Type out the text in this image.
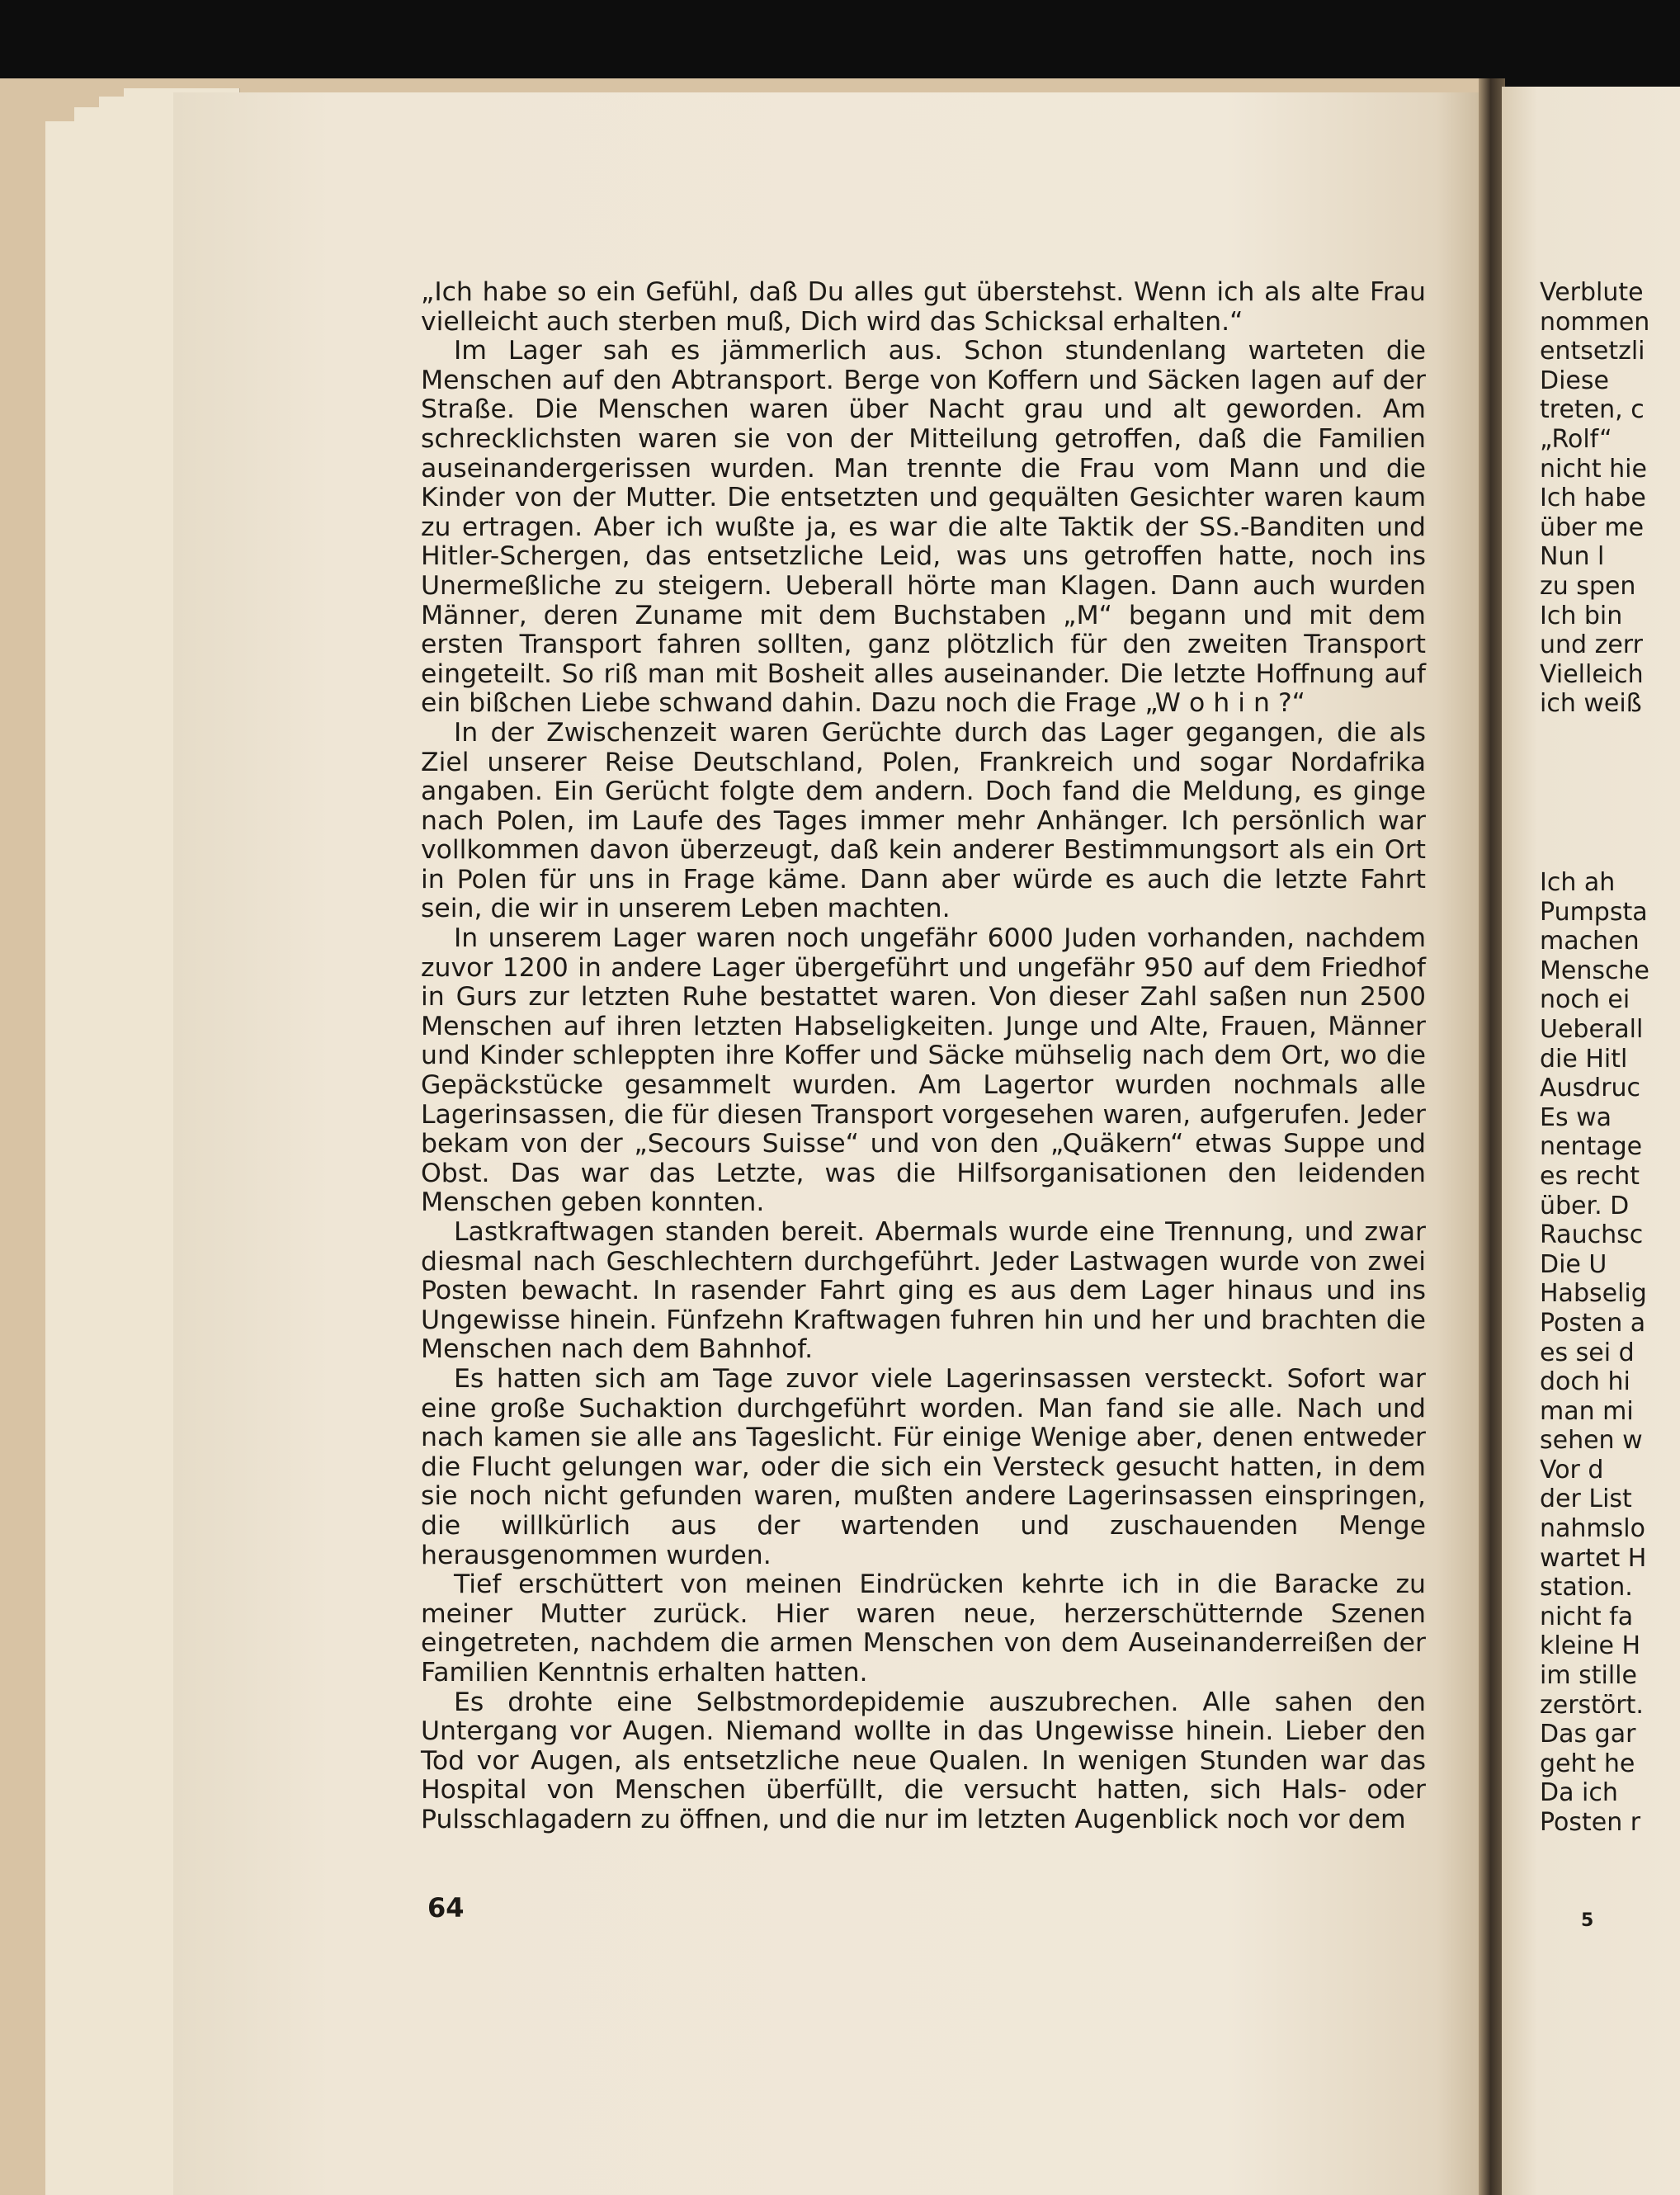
„Ich habe so ein Gefühl, daß Du alles gut überstehst. Wenn ich als alte Frau vielleicht auch sterben muß, Dich wird das Schicksal erhalten.“

Im Lager sah es jämmerlich aus. Schon stundenlang warteten die Menschen auf den Abtransport. Berge von Koffern und Säcken lagen auf der Straße. Die Menschen waren über Nacht grau und alt geworden. Am schrecklichsten waren sie von der Mitteilung getroffen, daß die Familien auseinandergerissen wurden. Man trennte die Frau vom Mann und die Kinder von der Mutter. Die entsetzten und gequälten Gesichter waren kaum zu ertragen. Aber ich wußte ja, es war die alte Taktik der SS.-Banditen und Hitler-Schergen, das entsetzliche Leid, was uns getroffen hatte, noch ins Unermeßliche zu steigern. Ueberall hörte man Klagen. Dann auch wurden Männer, deren Zuname mit dem Buchstaben „M“ begann und mit dem ersten Transport fahren sollten, ganz plötzlich für den zweiten Transport eingeteilt. So riß man mit Bosheit alles auseinander. Die letzte Hoffnung auf ein bißchen Liebe schwand dahin. Dazu noch die Frage „W o h i n ?“

In der Zwischenzeit waren Gerüchte durch das Lager gegangen, die als Ziel unserer Reise Deutschland, Polen, Frankreich und sogar Nordafrika angaben. Ein Gerücht folgte dem andern. Doch fand die Meldung, es ginge nach Polen, im Laufe des Tages immer mehr Anhänger. Ich persönlich war vollkommen davon überzeugt, daß kein anderer Bestimmungsort als ein Ort in Polen für uns in Frage käme. Dann aber würde es auch die letzte Fahrt sein, die wir in unserem Leben machten.

In unserem Lager waren noch ungefähr 6000 Juden vorhanden, nachdem zuvor 1200 in andere Lager übergeführt und ungefähr 950 auf dem Friedhof in Gurs zur letzten Ruhe bestattet waren. Von dieser Zahl saßen nun 2500 Menschen auf ihren letzten Habseligkeiten. Junge und Alte, Frauen, Männer und Kinder schleppten ihre Koffer und Säcke mühselig nach dem Ort, wo die Gepäckstücke gesammelt wurden. Am Lagertor wurden nochmals alle Lagerinsassen, die für diesen Transport vorgesehen waren, aufgerufen. Jeder bekam von der „Secours Suisse“ und von den „Quäkern“ etwas Suppe und Obst. Das war das Letzte, was die Hilfsorganisationen den leidenden Menschen geben konnten.

Lastkraftwagen standen bereit. Abermals wurde eine Trennung, und zwar diesmal nach Geschlechtern durchgeführt. Jeder Lastwagen wurde von zwei Posten bewacht. In rasender Fahrt ging es aus dem Lager hinaus und ins Ungewisse hinein. Fünfzehn Kraftwagen fuhren hin und her und brachten die Menschen nach dem Bahnhof.

Es hatten sich am Tage zuvor viele Lagerinsassen versteckt. Sofort war eine große Suchaktion durchgeführt worden. Man fand sie alle. Nach und nach kamen sie alle ans Tageslicht. Für einige Wenige aber, denen entweder die Flucht gelungen war, oder die sich ein Versteck gesucht hatten, in dem sie noch nicht gefunden waren, mußten andere Lagerinsassen einspringen, die willkürlich aus der wartenden und zuschauenden Menge herausgenommen wurden.

Tief erschüttert von meinen Eindrücken kehrte ich in die Baracke zu meiner Mutter zurück. Hier waren neue, herzerschütternde Szenen eingetreten, nachdem die armen Menschen von dem Auseinanderreißen der Familien Kenntnis erhalten hatten.

Es drohte eine Selbstmordepidemie auszubrechen. Alle sahen den Untergang vor Augen. Niemand wollte in das Ungewisse hinein. Lieber den Tod vor Augen, als entsetzliche neue Qualen. In wenigen Stunden war das Hospital von Menschen überfüllt, die versucht hatten, sich Hals- oder Pulsschlagadern zu öffnen, und die nur im letzten Augenblick noch vor dem

64
Verblute
nommen
entsetzli
Diese
treten, c
„Rolf“
nicht hie
Ich habe
über me
Nun l
zu spen
Ich bin
und zerr
Vielleich
ich weiß
Ich ah
Pumpsta
machen
Mensche
noch ei
Ueberall
die Hitl
Ausdruc
Es wa
nentage
es recht
über. D
Rauchsc
Die U
Habselig
Posten a
es sei d
doch hi
man mi
sehen w
Vor d
der List
nahmslo
wartet H
station.
nicht fa
kleine H
im stille
zerstört.
Das gar
geht he
Da ich
Posten r
5
